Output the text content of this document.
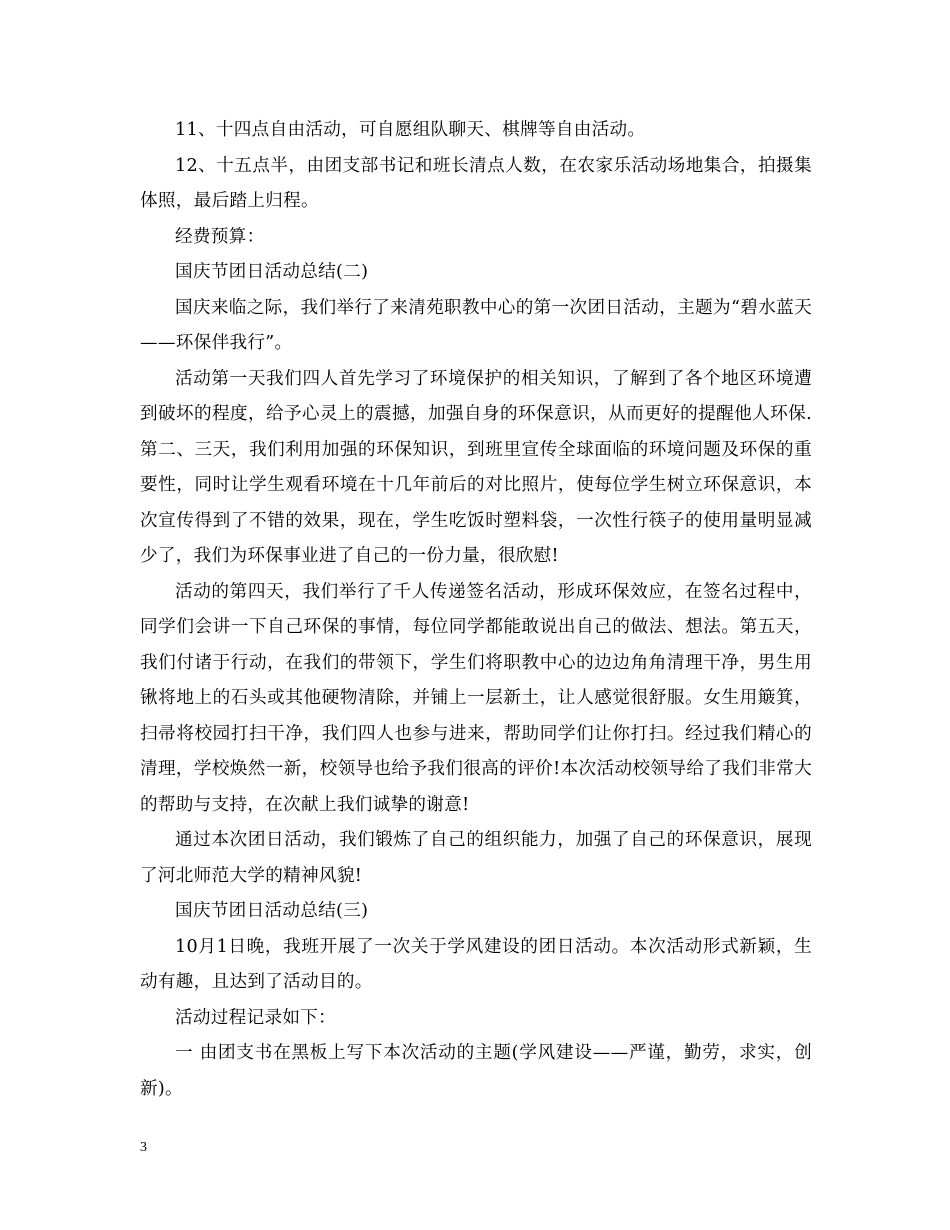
11、十四点自由活动，可自愿组队聊天、棋牌等自由活动。

12、十五点半，由团支部书记和班长清点人数，在农家乐活动场地集合，拍摄集体照，最后踏上归程。

经费预算：

国庆节团日活动总结(二)

国庆来临之际，我们举行了来清苑职教中心的第一次团日活动，主题为“碧水蓝天——环保伴我行”。

活动第一天我们四人首先学习了环境保护的相关知识，了解到了各个地区环境遭到破坏的程度，给予心灵上的震撼，加强自身的环保意识，从而更好的提醒他人环保.第二、三天，我们利用加强的环保知识，到班里宣传全球面临的环境问题及环保的重要性，同时让学生观看环境在十几年前后的对比照片，使每位学生树立环保意识，本次宣传得到了不错的效果，现在，学生吃饭时塑料袋，一次性行筷子的使用量明显减少了，我们为环保事业进了自己的一份力量，很欣慰!

活动的第四天，我们举行了千人传递签名活动，形成环保效应，在签名过程中，同学们会讲一下自己环保的事情，每位同学都能敢说出自己的做法、想法。第五天，我们付诸于行动，在我们的带领下，学生们将职教中心的边边角角清理干净，男生用锹将地上的石头或其他硬物清除，并铺上一层新土，让人感觉很舒服。女生用簸箕，扫帚将校园打扫干净，我们四人也参与进来，帮助同学们让你打扫。经过我们精心的清理，学校焕然一新，校领导也给予我们很高的评价!本次活动校领导给了我们非常大的帮助与支持，在次献上我们诚挚的谢意!

通过本次团日活动，我们锻炼了自己的组织能力，加强了自己的环保意识，展现了河北师范大学的精神风貌!

国庆节团日活动总结(三)

10月1日晚，我班开展了一次关于学风建设的团日活动。本次活动形式新颖，生动有趣，且达到了活动目的。

活动过程记录如下：

一 由团支书在黑板上写下本次活动的主题(学风建设——严谨，勤劳，求实，创新)。

3
